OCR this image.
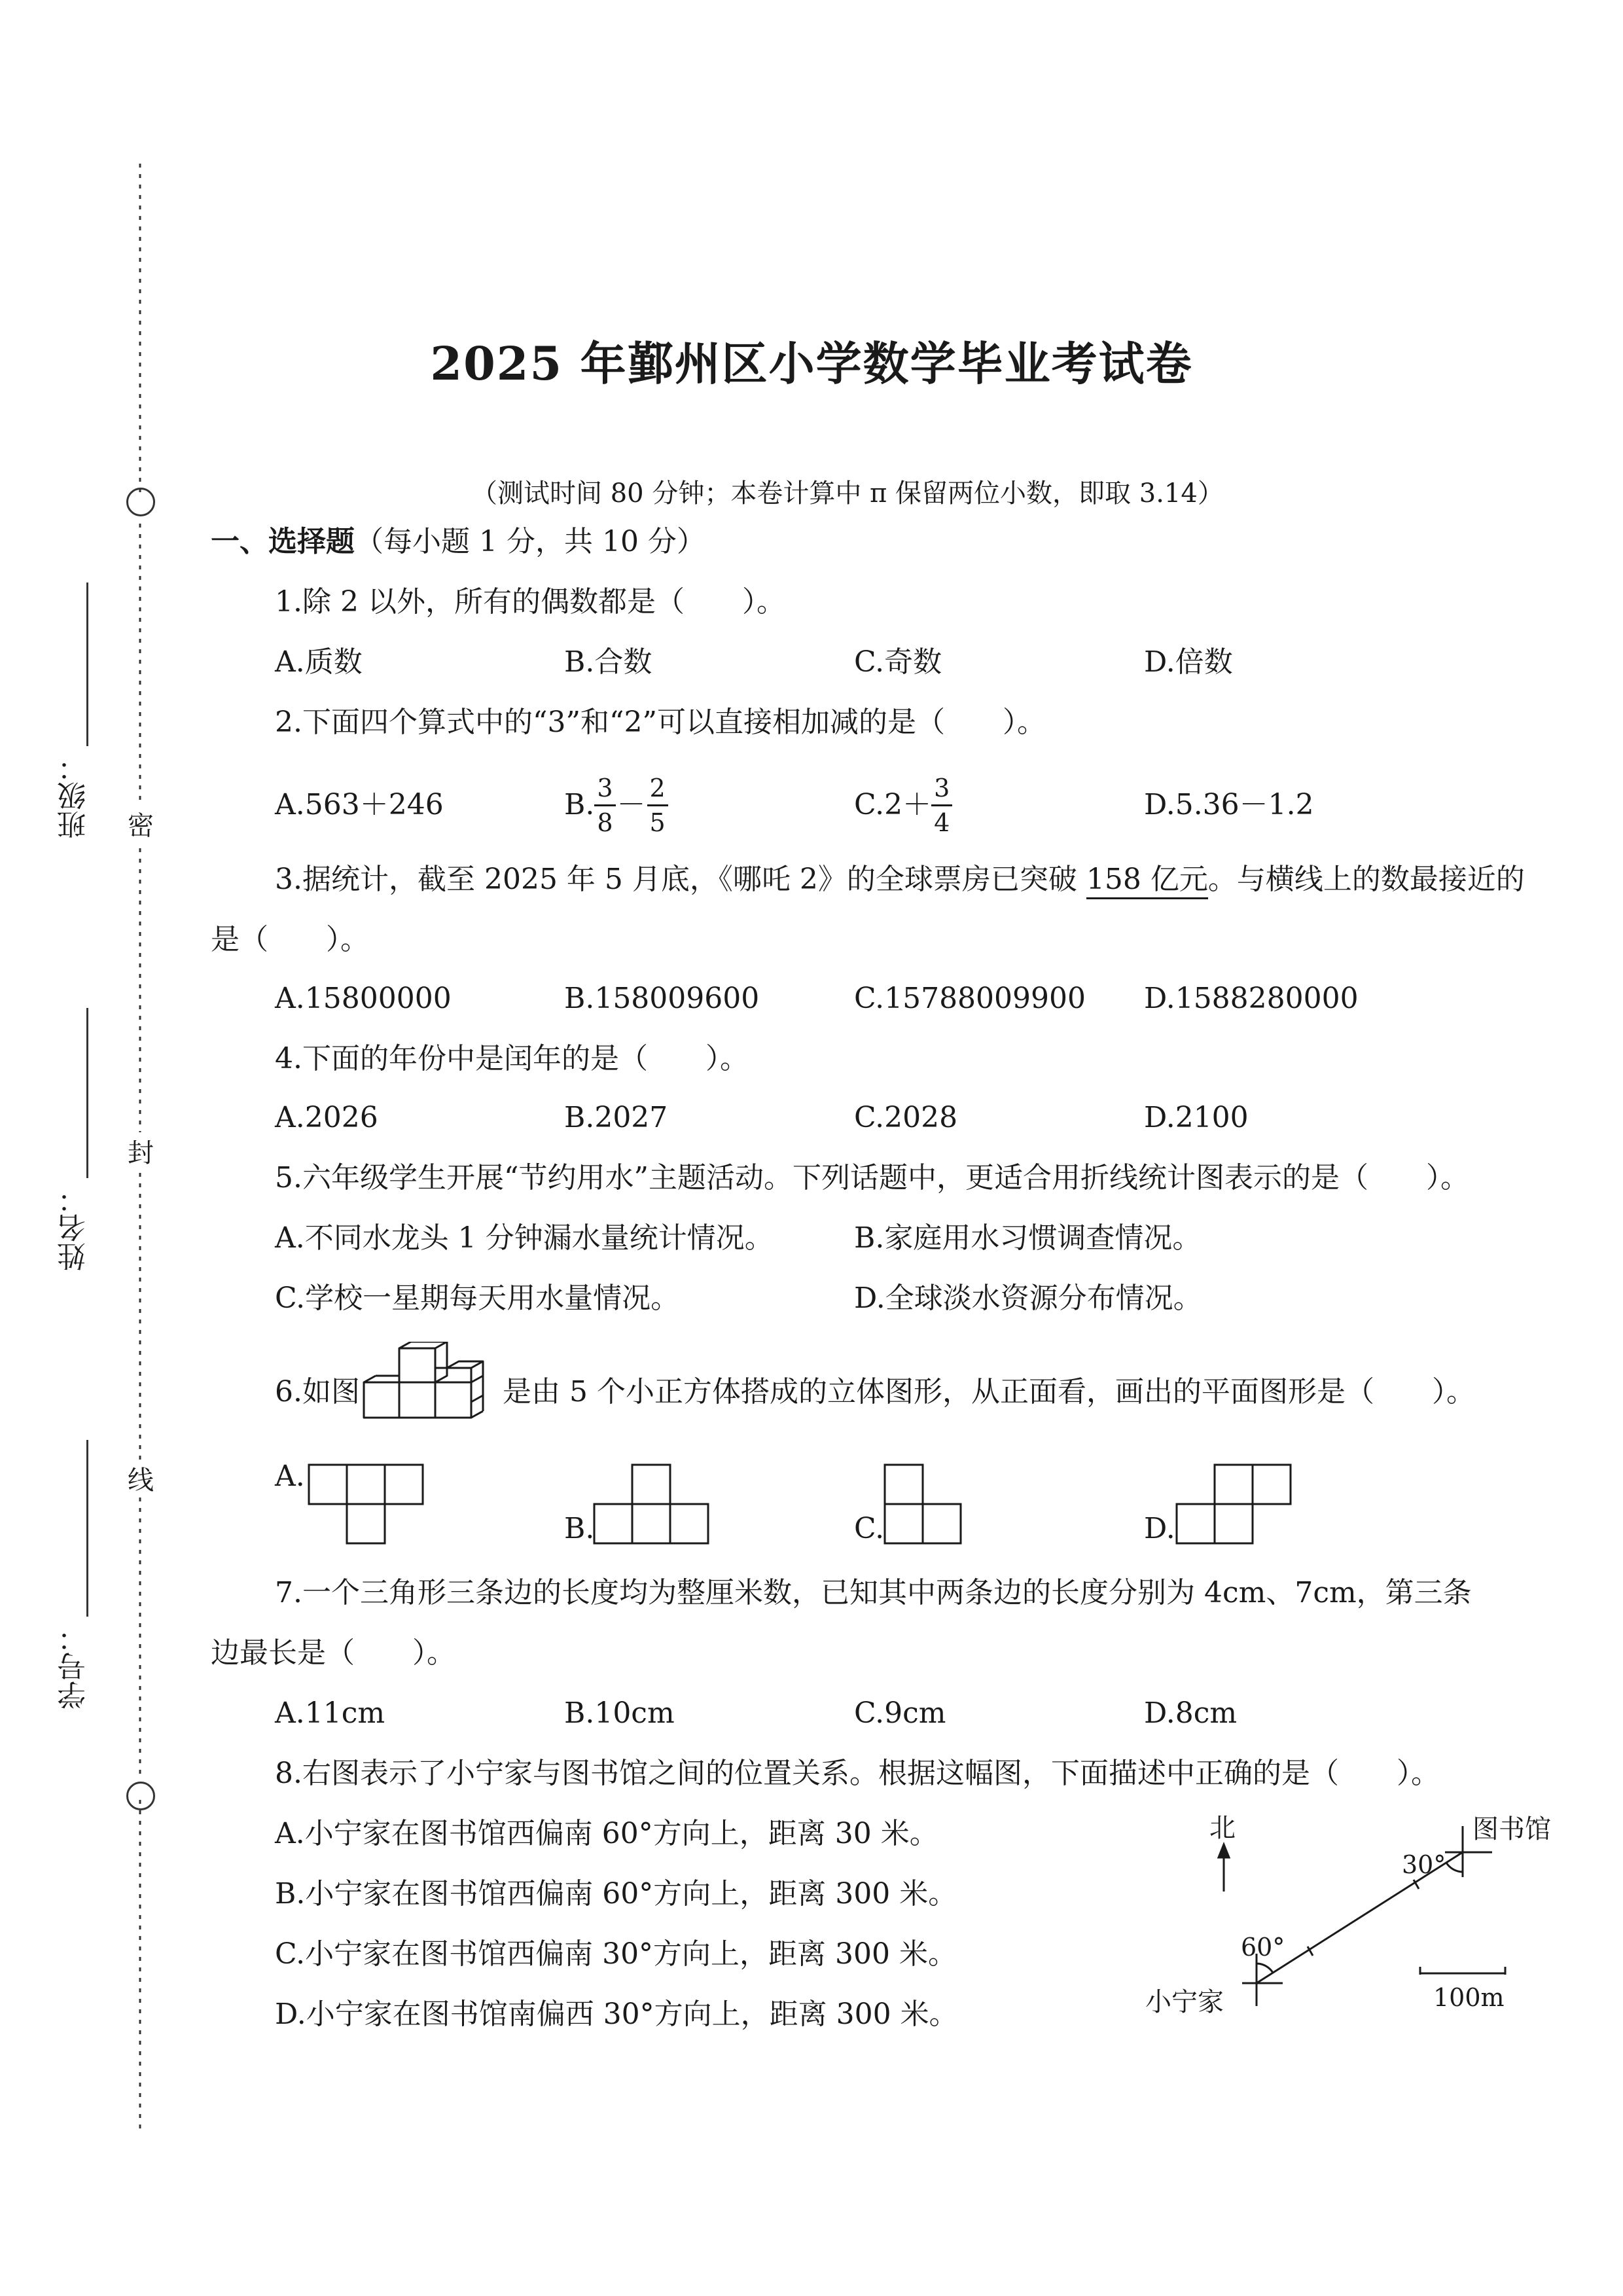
班级：
姓名：
学号：
密
封
线
2025 年鄞州区小学数学毕业考试卷
（测试时间 80 分钟；本卷计算中 π 保留两位小数，即取 3.14）
一、选择题（每小题 1 分，共 10 分）
1.除 2 以外，所有的偶数都是（　　）。
A.质数	B.合数	C.奇数	D.倍数
2.下面四个算式中的“3”和“2”可以直接相加减的是（　　）。
A.563＋246	B. $\frac{3}{8} - \frac{2}{5}$	$C.2+ \frac{3}{4}$	D.5.36－1.2
3.据统计，截至 2025 年 5 月底，《哪吒 2》的全球票房已突破 158 亿元。与横线上的数最接近的
是（　　）。
A.15800000	B.158009600	C.15788009900 D.1588280000
4.下面的年份中是闰年的是（　　）。
A.2026	B.2027	C.2028	D.2100
5.六年级学生开展“节约用水”主题活动。下列话题中，更适合用折线统计图表示的是（　　）。
A.不同水龙头 1 分钟漏水量统计情况。	B.家庭用水习惯调查情况。
C.学校一星期每天用水量情况。	D.全球淡水资源分布情况。
6.如图	是由 5 个小正方体搭成的立体图形，从正面看，画出的平面图形是（　　）。
A.
B.	C.	D.
7.一个三角形三条边的长度均为整厘米数，已知其中两条边的长度分别为 4cm、7cm，第三条
边最长是（　　）。
A.11cm	B.10cm	C.9cm	D.8cm
8.右图表示了小宁家与图书馆之间的位置关系。根据这幅图，下面描述中正确的是（　　）。
A.小宁家在图书馆西偏南 60°方向上，距离 30 米。
B.小宁家在图书馆西偏南 60°方向上，距离 300 米。
C.小宁家在图书馆西偏南 30°方向上，距离 300 米。
D.小宁家在图书馆南偏西 30°方向上，距离 300 米。
北	图书馆
小宁家
30°
60°
100m
